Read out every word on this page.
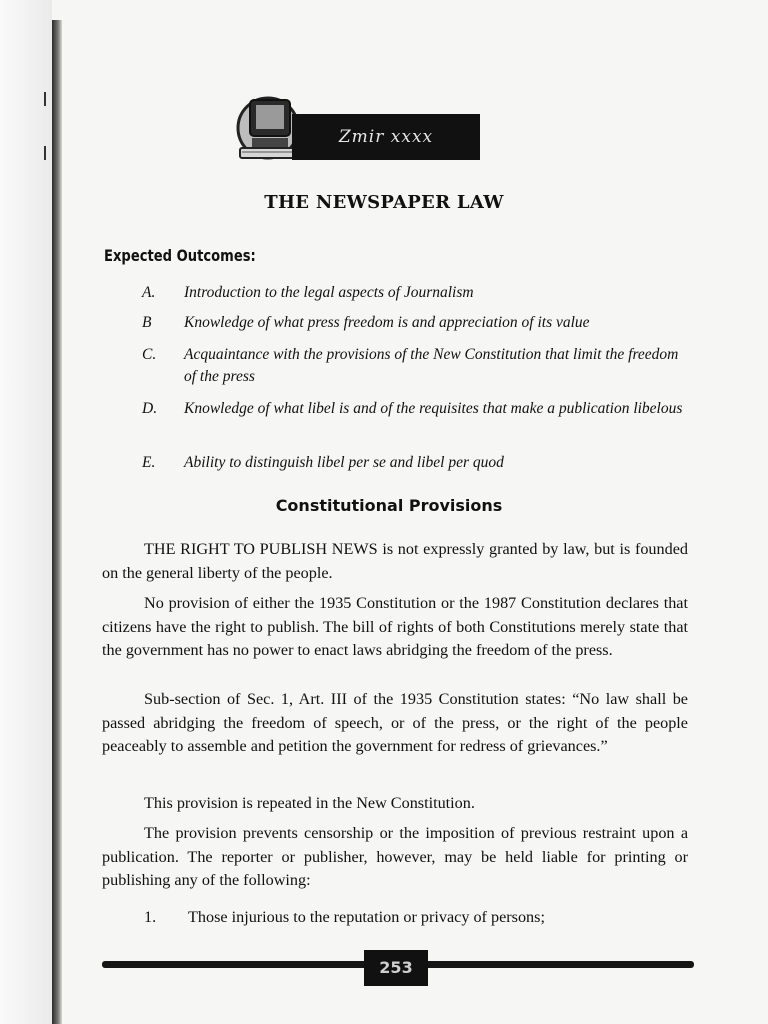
Zmir xxxx
THE NEWSPAPER LAW
Expected Outcomes:
A.	Introduction to the legal aspects of Journalism
B	Knowledge of what press freedom is and appreciation of its value
C.	Acquaintance with the provisions of the New Constitution that limit the freedom of the press
D.	Knowledge of what libel is and of the requisites that make a publication libelous
E.	Ability to distinguish libel per se and libel per quod
Constitutional Provisions
THE RIGHT TO PUBLISH NEWS is not expressly granted by law, but is founded on the general liberty of the people.
No provision of either the 1935 Constitution or the 1987 Constitution declares that citizens have the right to publish. The bill of rights of both Constitutions merely state that the government has no power to enact laws abridging the freedom of the press.
Sub-section of Sec. 1, Art. III of the 1935 Constitution states: “No law shall be passed abridging the freedom of speech, or of the press, or the right of the people peaceably to assemble and petition the government for redress of grievances.”
This provision is repeated in the New Constitution.
The provision prevents censorship or the imposition of previous restraint upon a publication. The reporter or publisher, however, may be held liable for printing or publishing any of the following:
1. Those injurious to the reputation or privacy of persons;
253
